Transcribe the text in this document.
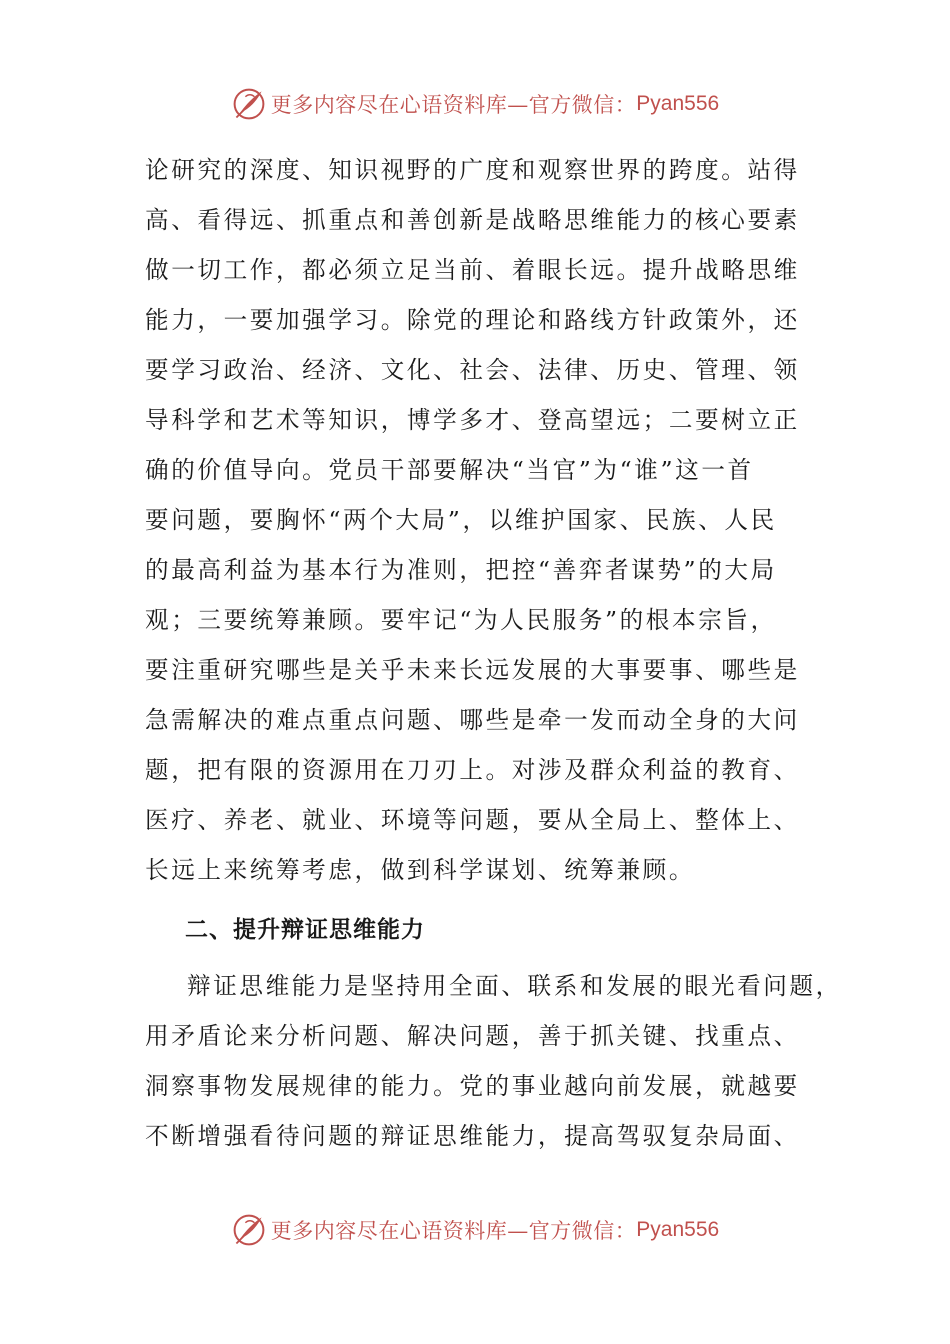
更多内容尽在心语资料库—官方微信： Pyan556
论研究的深度、知识视野的广度和观察世界的跨度。站得
高、看得远、抓重点和善创新是战略思维能力的核心要素
做一切工作，都必须立足当前、着眼长远。提升战略思维
能力，一要加强学习。除党的理论和路线方针政策外，还
要学习政治、经济、文化、社会、法律、历史、管理、领
导科学和艺术等知识，博学多才、登高望远；二要树立正
确的价值导向。党员干部要解决“当官”为“谁”这一首
要问题，要胸怀“两个大局”，以维护国家、民族、人民
的最高利益为基本行为准则，把控“善弈者谋势”的大局
观；三要统筹兼顾。要牢记“为人民服务”的根本宗旨，
要注重研究哪些是关乎未来长远发展的大事要事、哪些是
急需解决的难点重点问题、哪些是牵一发而动全身的大问
题，把有限的资源用在刀刃上。对涉及群众利益的教育、
医疗、养老、就业、环境等问题，要从全局上、整体上、
长远上来统筹考虑，做到科学谋划、统筹兼顾。
二、提升辩证思维能力
辩证思维能力是坚持用全面、联系和发展的眼光看问题，
用矛盾论来分析问题、解决问题，善于抓关键、找重点、
洞察事物发展规律的能力。党的事业越向前发展，就越要
不断增强看待问题的辩证思维能力，提高驾驭复杂局面、
更多内容尽在心语资料库—官方微信： Pyan556
